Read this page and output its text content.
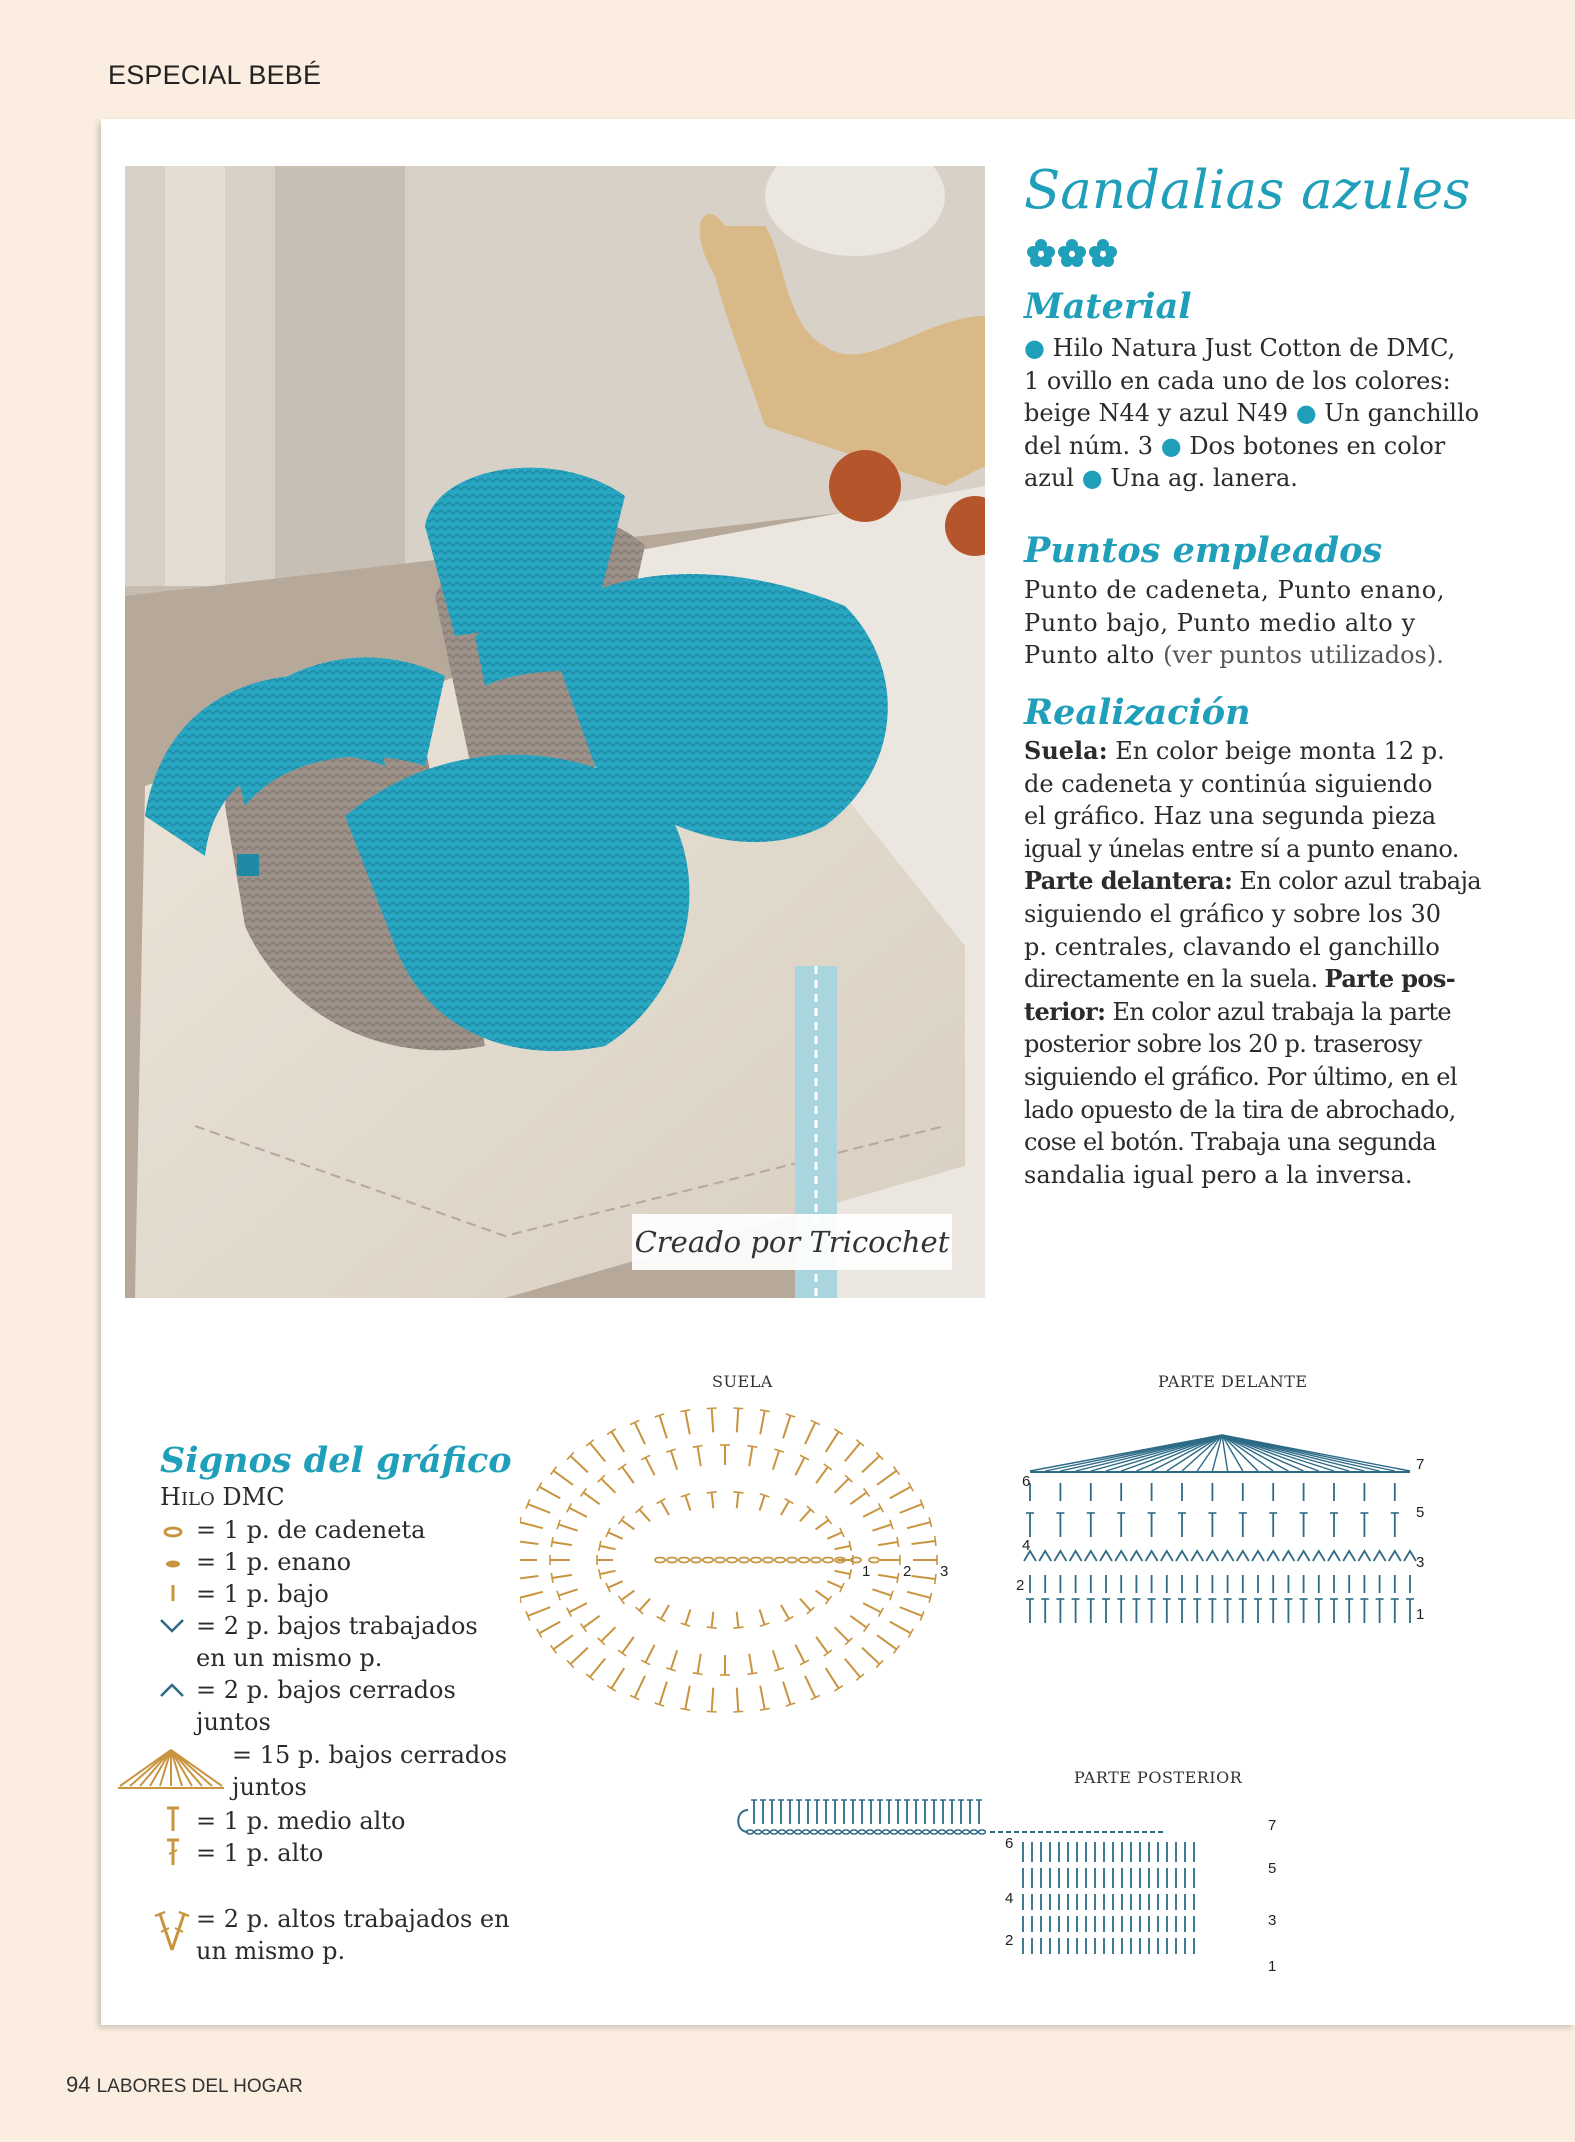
ESPECIAL BEBÉ
Creado por Tricochet
Sandalias azules
Material
● Hilo Natura Just Cotton de DMC,
1 ovillo en cada uno de los colores:
beige N44 y azul N49 ● Un ganchillo
del núm. 3 ● Dos botones en color
azul ● Una ag. lanera.
Puntos empleados
Punto de cadeneta, Punto enano,
Punto bajo, Punto medio alto y
Punto alto (ver puntos utilizados).
Realización
Suela: En color beige monta 12 p.
de cadeneta y continúa siguiendo
el gráfico. Haz una segunda pieza
igual y únelas entre sí a punto enano.
Parte delantera: En color azul trabaja
siguiendo el gráfico y sobre los 30
p. centrales, clavando el ganchillo
directamente en la suela. Parte pos-
terior: En color azul trabaja la parte
posterior sobre los 20 p. traserosy
siguiendo el gráfico. Por último, en el
lado opuesto de la tira de abrochado,
cose el botón. Trabaja una segunda
sandalia igual pero a la inversa.
Signos del gráfico
HILO DMC
= 1 p. de cadeneta
= 1 p. enano
= 1 p. bajo
= 2 p. bajos trabajados
en un mismo p.
= 2 p. bajos cerrados
juntos
= 15 p. bajos cerrados
juntos
= 1 p. medio alto
= 1 p. alto
= 2 p. altos trabajados en
un mismo p.
SUELA	PARTE DELANTE
PARTE POSTERIOR
1 2 3
6
4
2
7
5
3
1
6
4
2
7
5
3
1
94 LABORES DEL HOGAR
